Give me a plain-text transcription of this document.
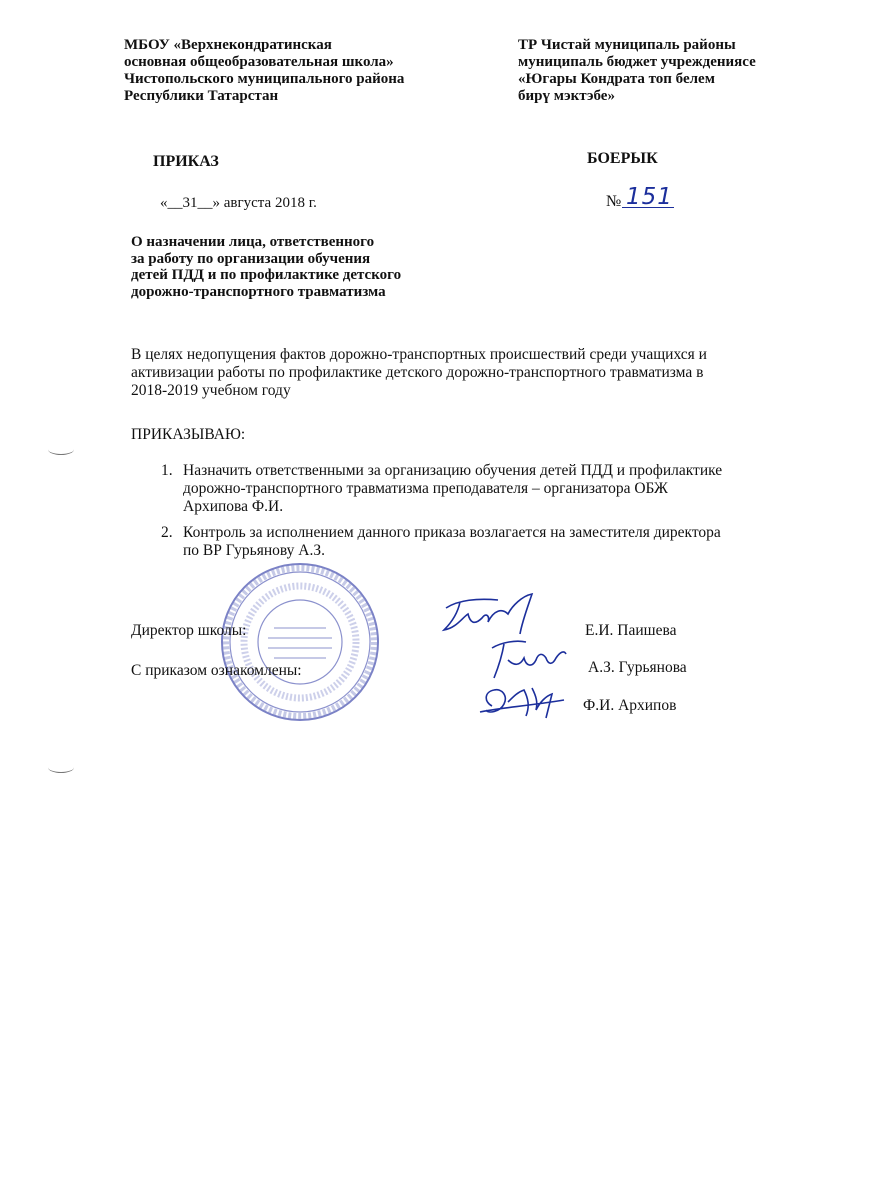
МБОУ «Верхнекондратинская
основная общеобразовательная школа»
Чистопольского муниципального района
Республики Татарстан
ТР Чистай муниципаль районы
муниципаль бюджет учреждениясе
«Югары Кондрата топ белем
бирү мэктэбе»
ПРИКАЗ	БОЕРЫК
«__31__» августа 2018 г.	№ 151
О назначении лица, ответственного
за работу по организации обучения
детей ПДД и по профилактике детского
дорожно-транспортного травматизма
В целях недопущения фактов дорожно-транспортных происшествий среди учащихся и
активизации работы по профилактике детского дорожно-транспортного травматизма в
2018-2019 учебном году
ПРИКАЗЫВАЮ:
1. Назначить ответственными за организацию обучения детей ПДД и профилактике
дорожно-транспортного травматизма преподавателя – организатора ОБЖ
Архипова Ф.И.
2. Контроль за исполнением данного приказа возлагается на заместителя директора
по ВР Гурьянову А.З.
Директор школы:
С приказом ознакомлены:
Е.И. Паишева
А.З. Гурьянова
Ф.И. Архипов
